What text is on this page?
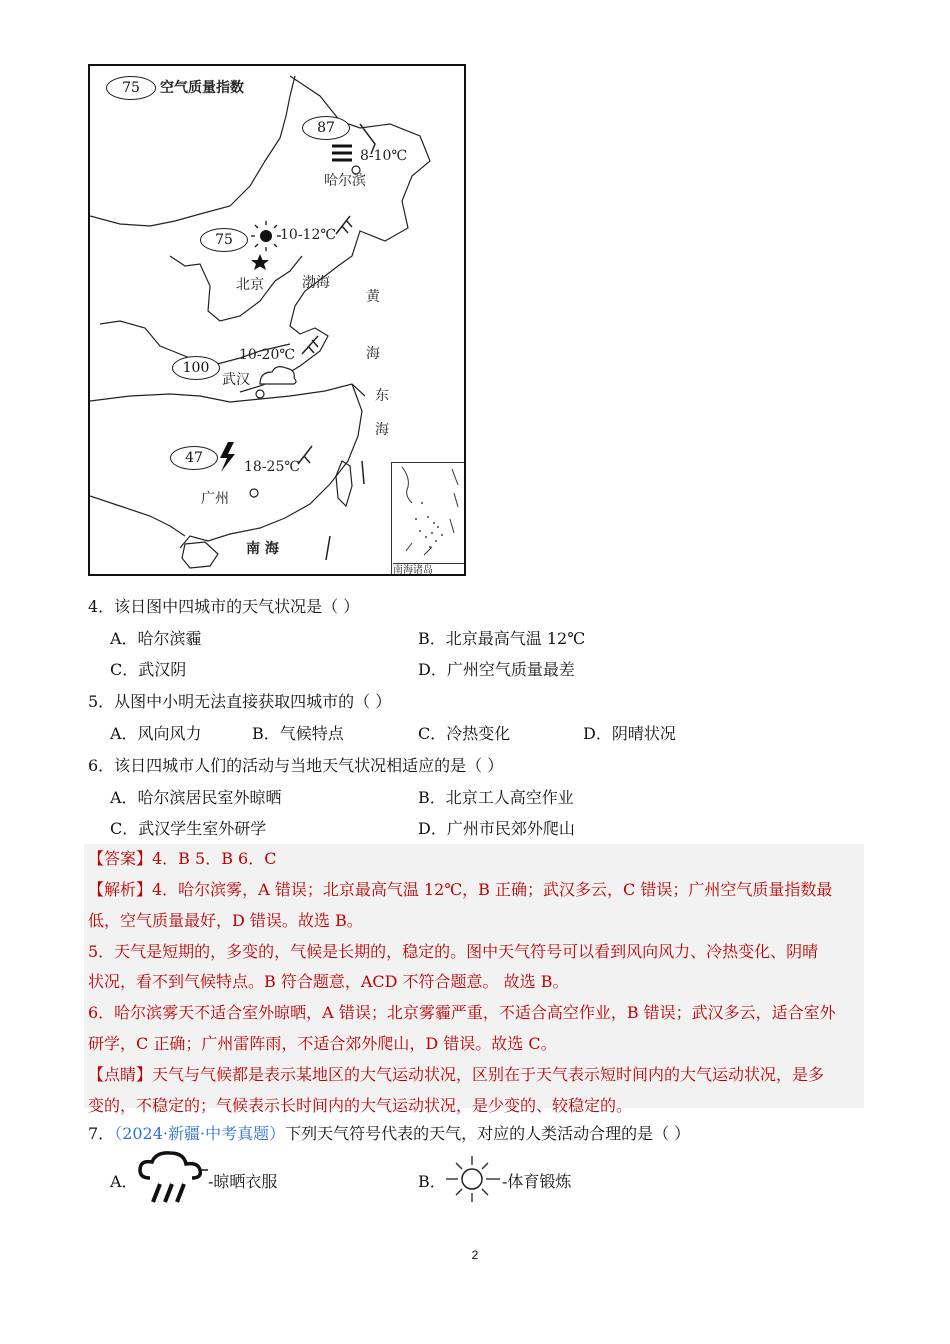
75	空气质量指数
87
8-10℃
哈尔滨
75	10-12℃
北京	渤海
黄
海
东
海
100
10-20℃
武汉
47
18-25℃
广州
南 海
南海诸岛
4．该日图中四城市的天气状况是（ ）
A．哈尔滨霾	B．北京最高气温 12℃
C．武汉阴	D．广州空气质量最差
5．从图中小明无法直接获取四城市的（ ）
A．风向风力	B．气候特点	C．冷热变化	D．阴晴状况
6．该日四城市人们的活动与当地天气状况相适应的是（ ）
A．哈尔滨居民室外晾晒	B．北京工人高空作业
C．武汉学生室外研学	D．广州市民郊外爬山
【答案】4．B 5．B 6．C
【解析】4．哈尔滨雾，A 错误；北京最高气温 12℃，B 正确；武汉多云，C 错误；广州空气质量指数最
低，空气质量最好，D 错误。故选 B。
5．天气是短期的，多变的，气候是长期的，稳定的。图中天气符号可以看到风向风力、冷热变化、阴晴
状况，看不到气候特点。B 符合题意，ACD 不符合题意。 故选 B。
6．哈尔滨雾天不适合室外晾晒，A 错误；北京雾霾严重，不适合高空作业，B 错误；武汉多云，适合室外
研学，C 正确；广州雷阵雨，不适合郊外爬山，D 错误。故选 C。
【点睛】天气与气候都是表示某地区的大气运动状况，区别在于天气表示短时间内的大气运动状况，是多
变的，不稳定的；气候表示长时间内的大气运动状况，是少变的、较稳定的。
7．（2024·新疆·中考真题）下列天气符号代表的天气，对应的人类活动合理的是（ ）
A．	-晾晒衣服	B．	-体育锻炼
2
